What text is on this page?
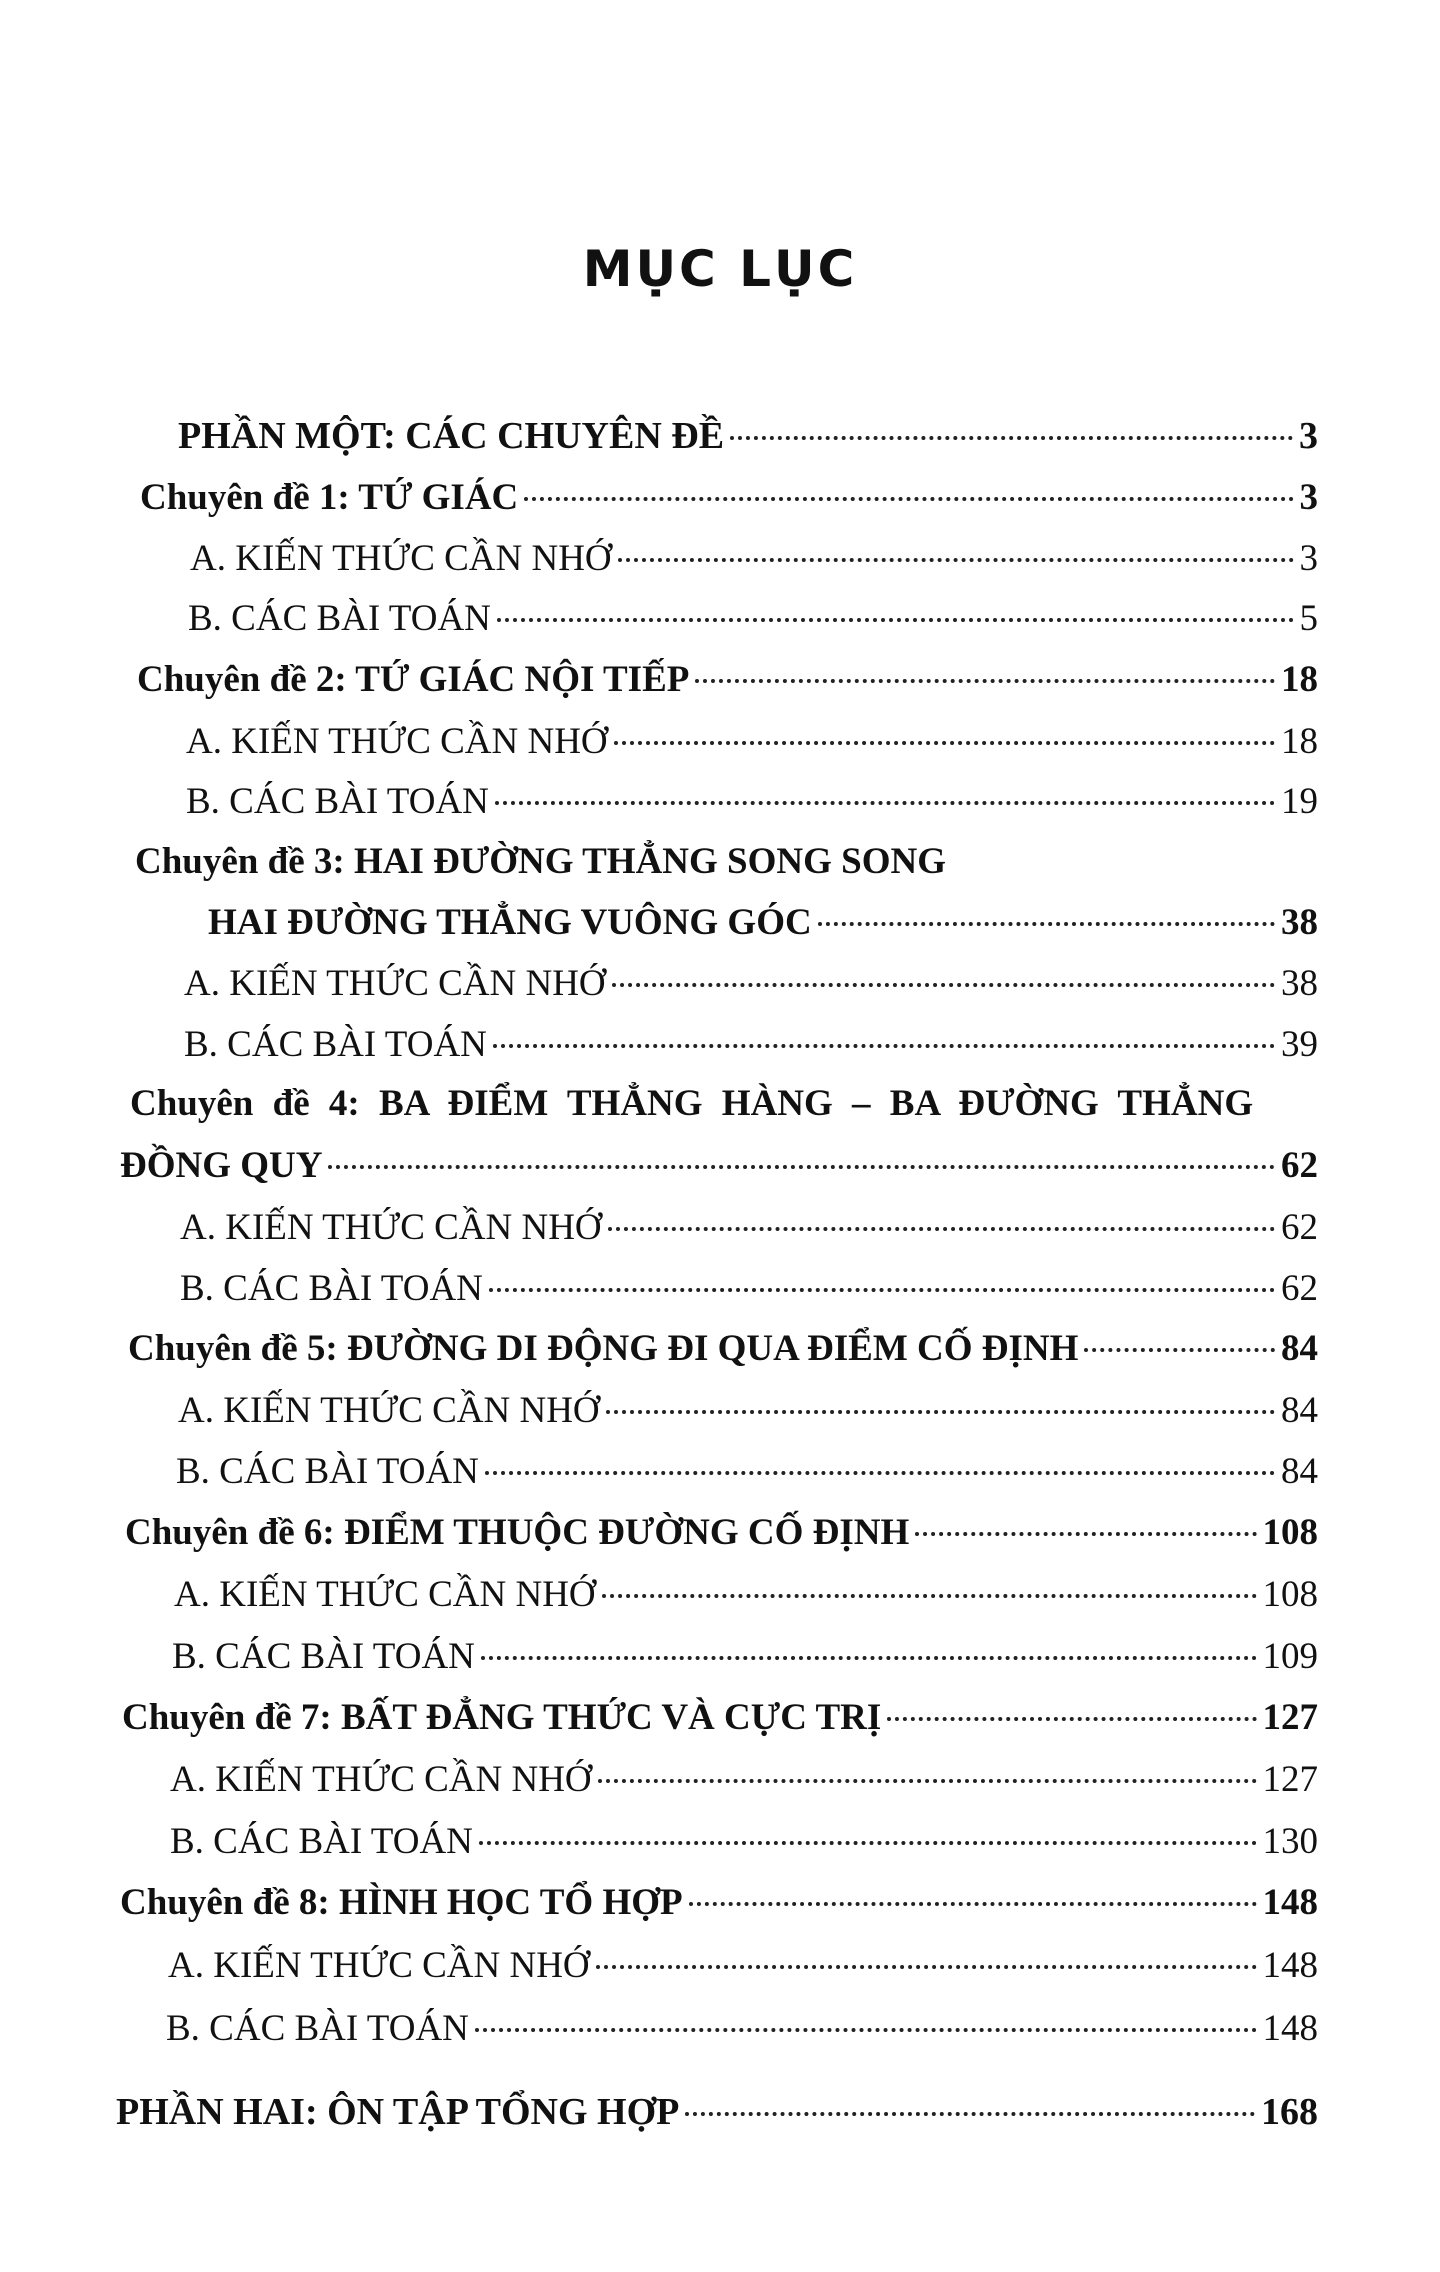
MỤC LỤC
PHẦN MỘT: CÁC CHUYÊN ĐỀ	3
Chuyên đề 1: TỨ GIÁC	3
A. KIẾN THỨC CẦN NHỚ	3
B. CÁC BÀI TOÁN	5
Chuyên đề 2: TỨ GIÁC NỘI TIẾP	18
A. KIẾN THỨC CẦN NHỚ	18
B. CÁC BÀI TOÁN	19
Chuyên đề 3: HAI ĐƯỜNG THẲNG SONG SONG
HAI ĐƯỜNG THẲNG VUÔNG GÓC	38
A. KIẾN THỨC CẦN NHỚ	38
B. CÁC BÀI TOÁN	39
Chuyên đề 4: BA ĐIỂM THẲNG HÀNG – BA ĐƯỜNG THẲNG
ĐỒNG QUY	62
A. KIẾN THỨC CẦN NHỚ	62
B. CÁC BÀI TOÁN	62
Chuyên đề 5: ĐƯỜNG DI ĐỘNG ĐI QUA ĐIỂM CỐ ĐỊNH	84
A. KIẾN THỨC CẦN NHỚ	84
B. CÁC BÀI TOÁN	84
Chuyên đề 6: ĐIỂM THUỘC ĐƯỜNG CỐ ĐỊNH	108
A. KIẾN THỨC CẦN NHỚ	108
B. CÁC BÀI TOÁN	109
Chuyên đề 7: BẤT ĐẲNG THỨC VÀ CỰC TRỊ	127
A. KIẾN THỨC CẦN NHỚ	127
B. CÁC BÀI TOÁN	130
Chuyên đề 8: HÌNH HỌC TỔ HỢP	148
A. KIẾN THỨC CẦN NHỚ	148
B. CÁC BÀI TOÁN	148
PHẦN HAI: ÔN TẬP TỔNG HỢP	168
